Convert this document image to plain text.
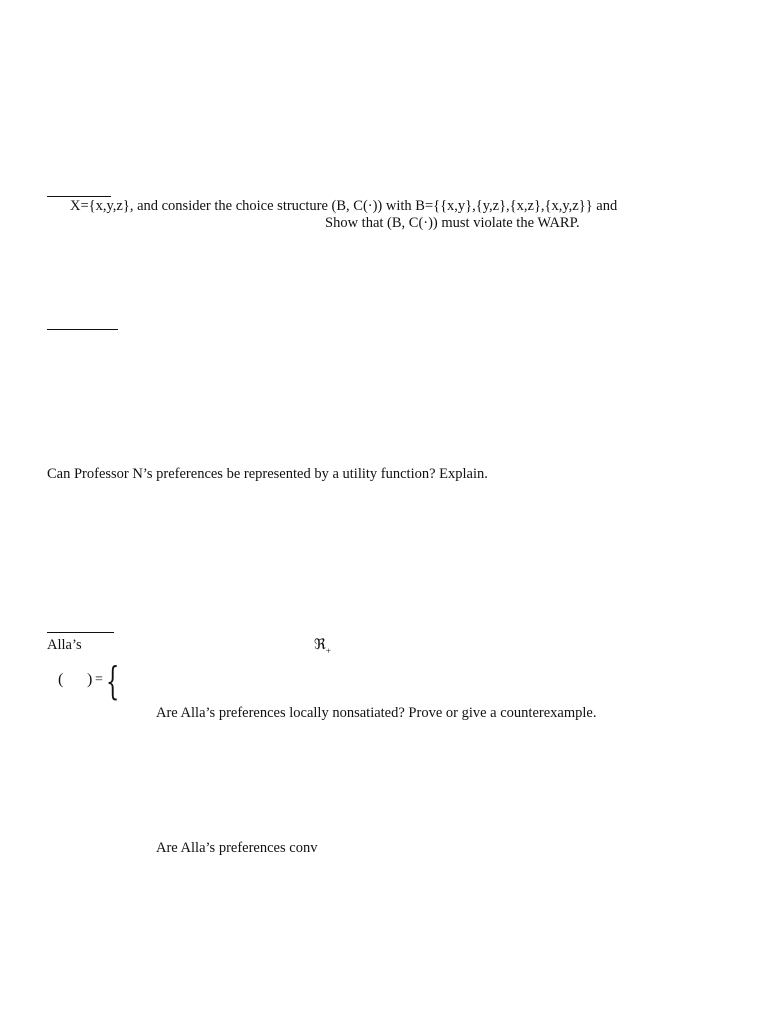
X={x,y,z}, and consider the choice structure (B, C(·)) with B={{x,y},{y,z},{x,z},{x,y,z}} and
Show that (B, C(·)) must violate the WARP.
Can Professor N’s preferences be represented by a utility function? Explain.
Alla’s	ℜ$_+$
( ) = {
Are Alla’s preferences locally nonsatiated? Prove or give a counterexample.
Are Alla’s preferences conv
